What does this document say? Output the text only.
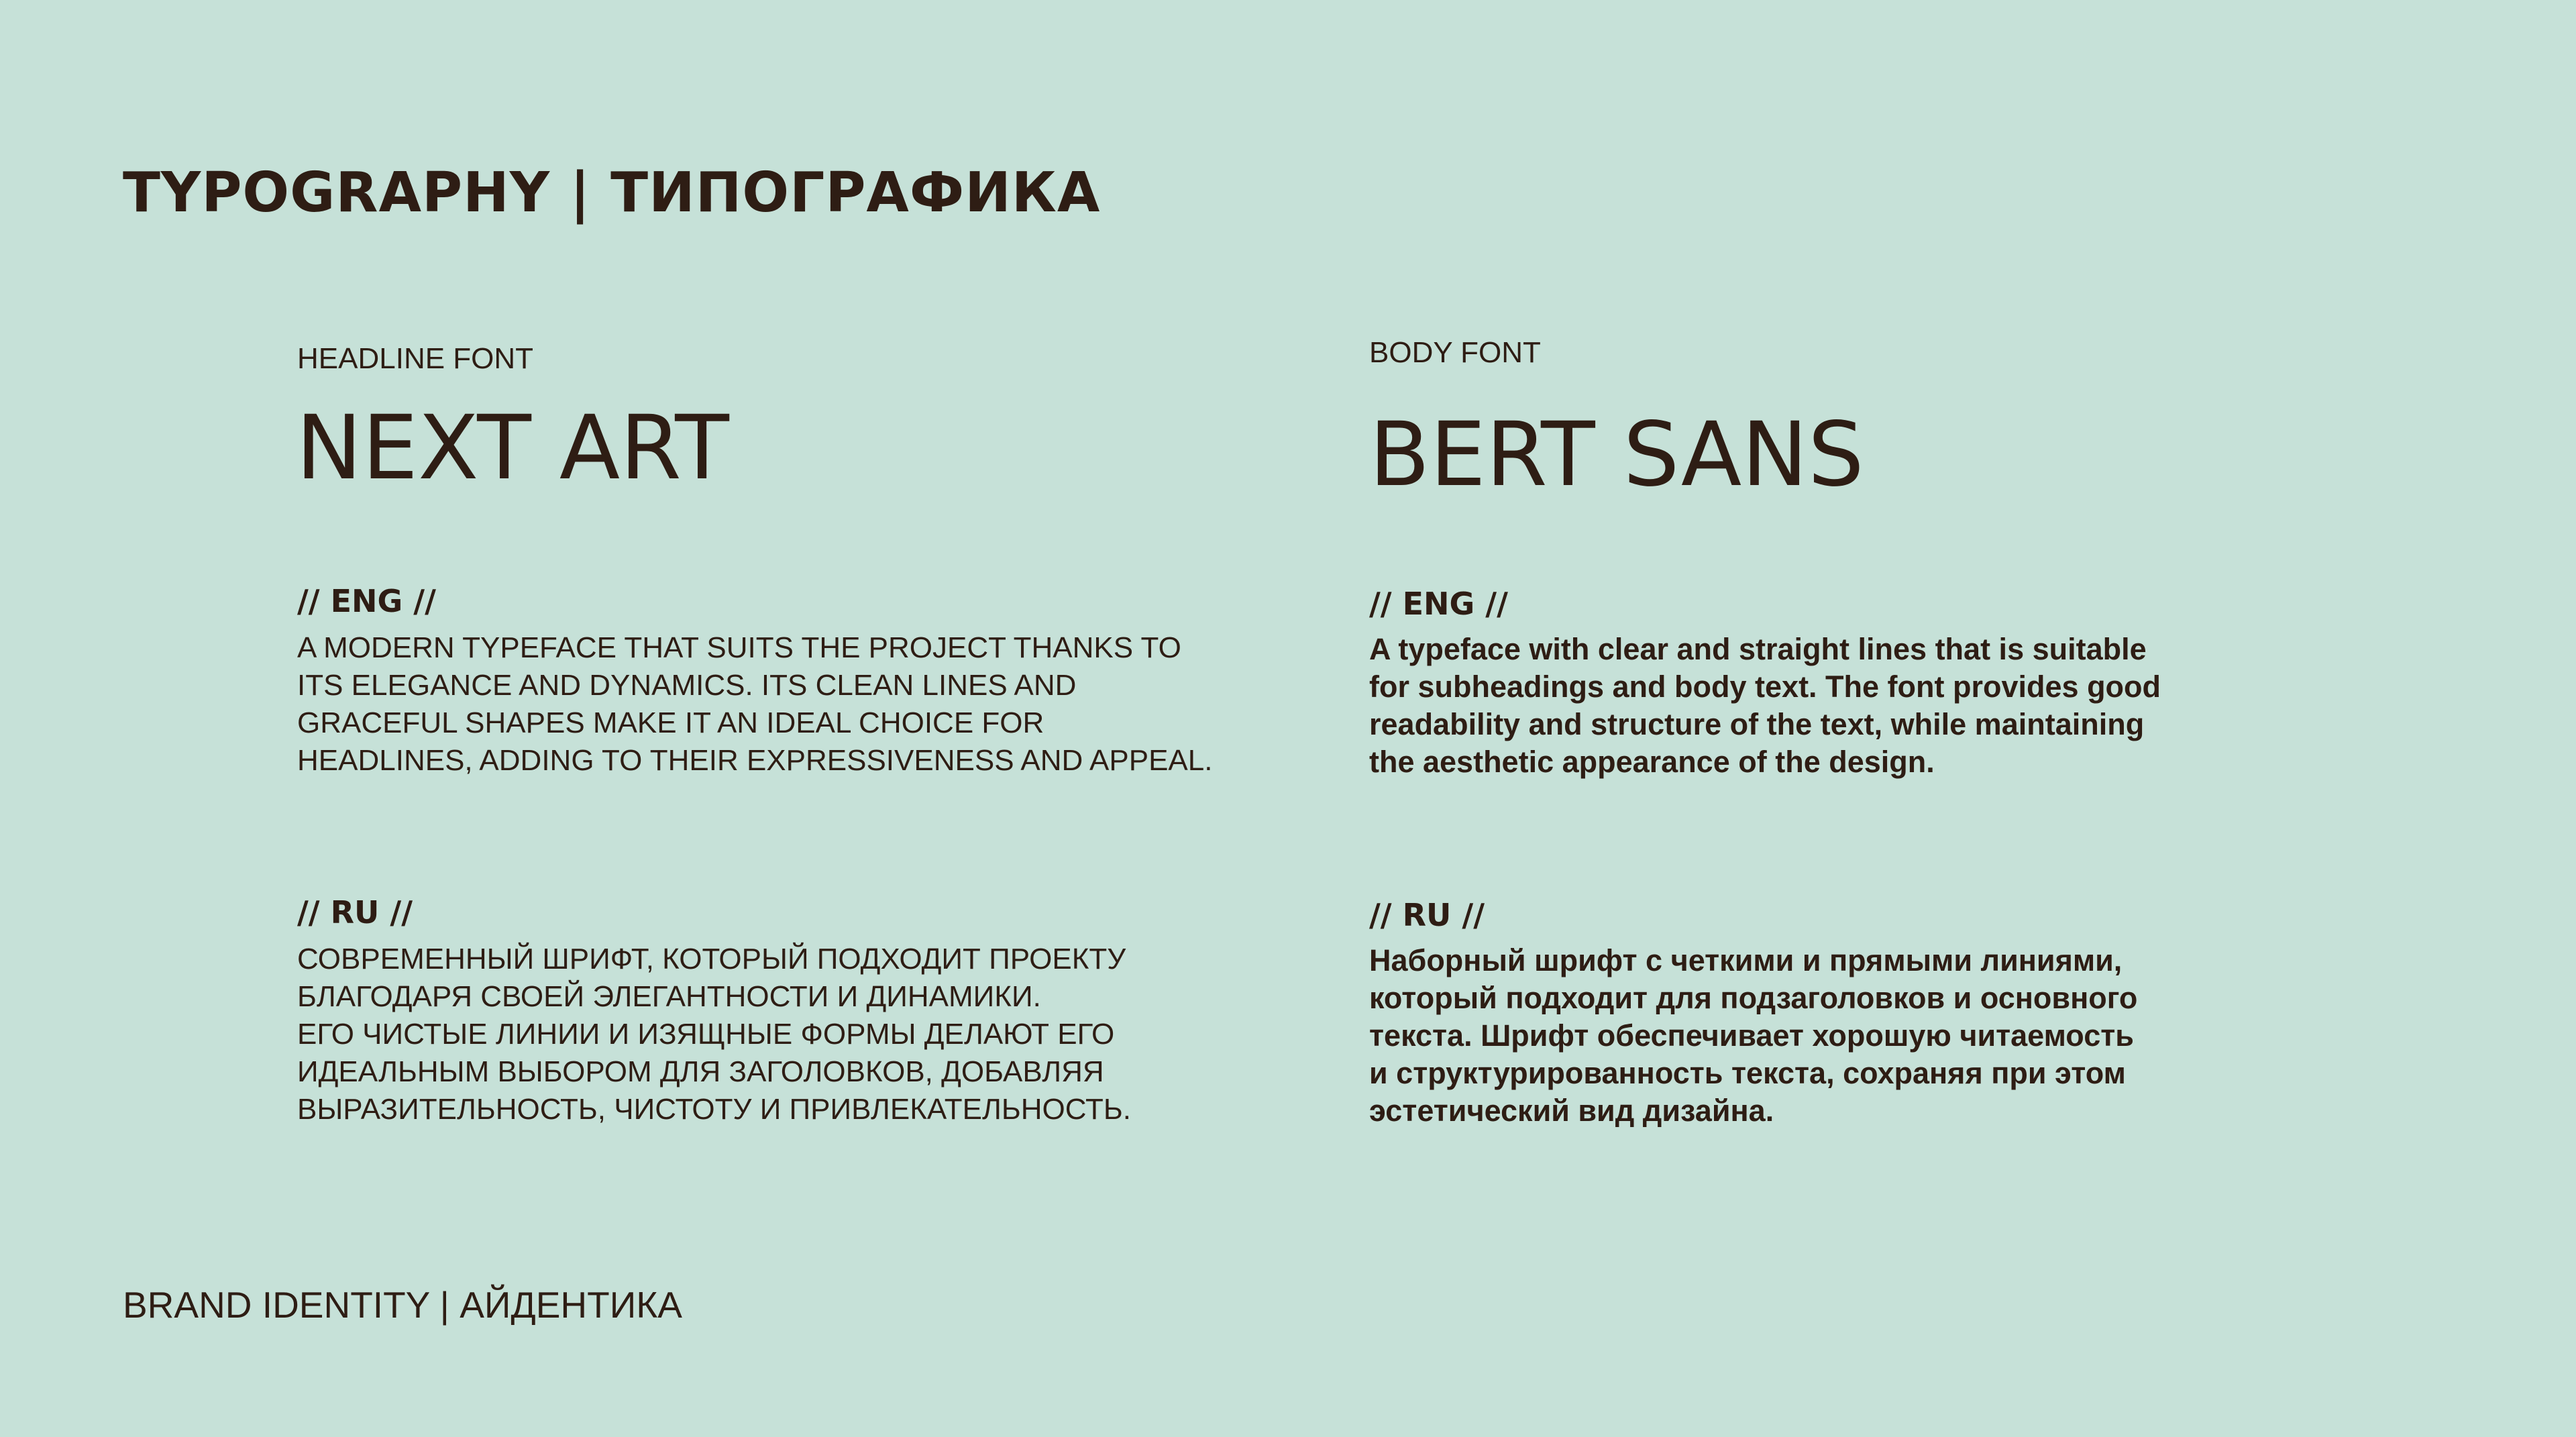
TYPOGRAPHY | ТИПОГРАФИКА
HEADLINE FONT
NEXT ART
// ENG //
A MODERN TYPEFACE THAT SUITS THE PROJECT THANKS TO
ITS ELEGANCE AND DYNAMICS. ITS CLEAN LINES AND
GRACEFUL SHAPES MAKE IT AN IDEAL CHOICE FOR
HEADLINES, ADDING TO THEIR EXPRESSIVENESS AND APPEAL.
// RU //
СОВРЕМЕННЫЙ ШРИФТ, КОТОРЫЙ ПОДХОДИТ ПРОЕКТУ
БЛАГОДАРЯ СВОЕЙ ЭЛЕГАНТНОСТИ И ДИНАМИКИ.
ЕГО ЧИСТЫЕ ЛИНИИ И ИЗЯЩНЫЕ ФОРМЫ ДЕЛАЮТ ЕГО
ИДЕАЛЬНЫМ ВЫБОРОМ ДЛЯ ЗАГОЛОВКОВ, ДОБАВЛЯЯ
ВЫРАЗИТЕЛЬНОСТЬ, ЧИСТОТУ И ПРИВЛЕКАТЕЛЬНОСТЬ.
BODY FONT
BERT SANS
// ENG //
A typeface with clear and straight lines that is suitable
for subheadings and body text. The font provides good
readability and structure of the text, while maintaining
the aesthetic appearance of the design.
// RU //
Наборный шрифт с четкими и прямыми линиями,
который подходит для подзаголовков и основного
текста. Шрифт обеспечивает хорошую читаемость
и структурированность текста, сохраняя при этом
эстетический вид дизайна.
BRAND IDENTITY | АЙДЕНТИКА
